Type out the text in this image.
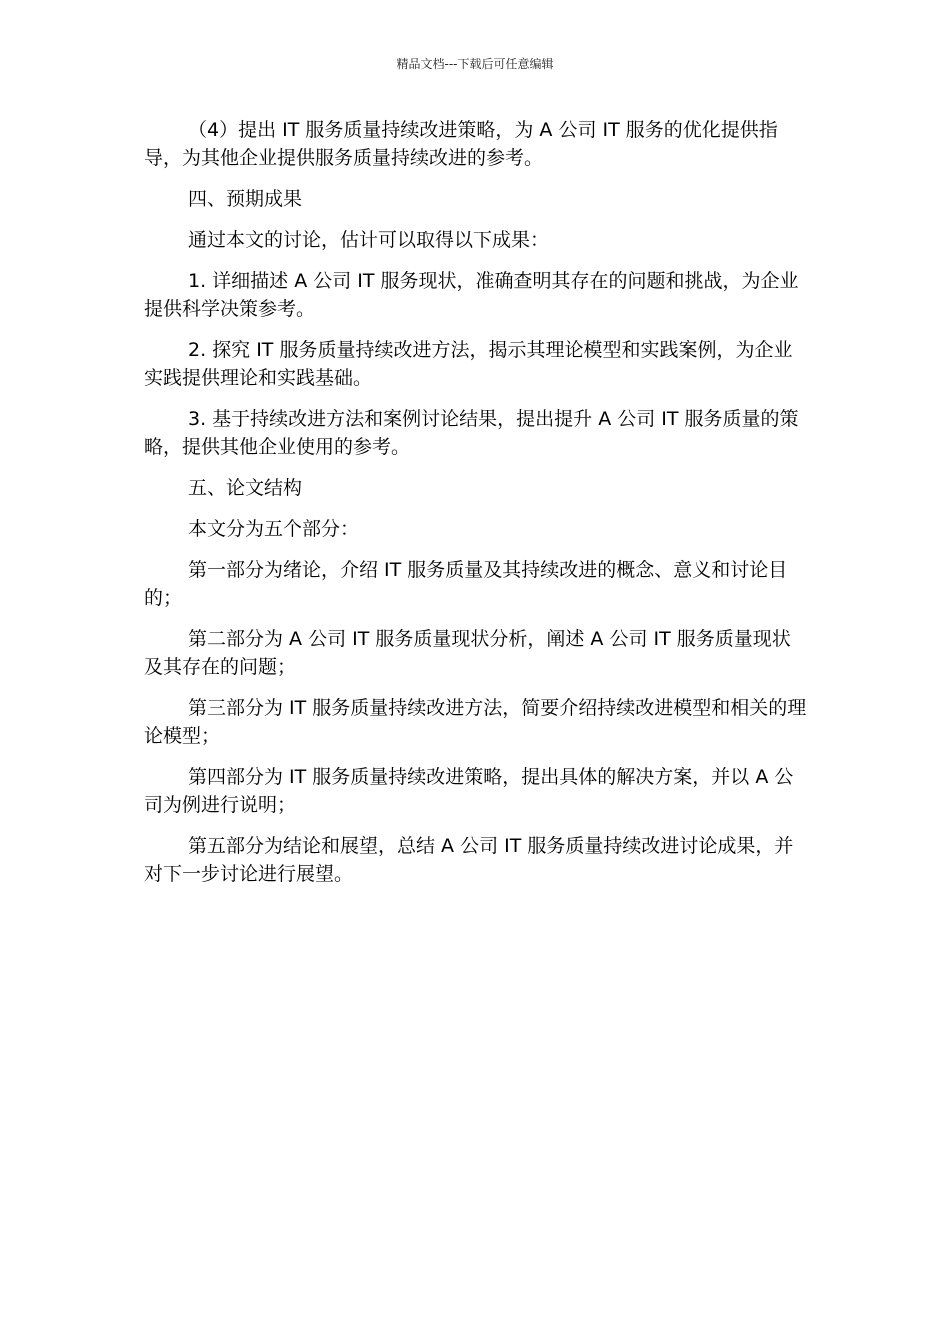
精品文档---下载后可任意编辑

（4）提出 IT 服务质量持续改进策略，为 A 公司 IT 服务的优化提供指导，为其他企业提供服务质量持续改进的参考。

四、预期成果

通过本文的讨论，估计可以取得以下成果：

1. 详细描述 A 公司 IT 服务现状，准确查明其存在的问题和挑战，为企业提供科学决策参考。

2. 探究 IT 服务质量持续改进方法，揭示其理论模型和实践案例，为企业实践提供理论和实践基础。

3. 基于持续改进方法和案例讨论结果，提出提升 A 公司 IT 服务质量的策略，提供其他企业使用的参考。

五、论文结构

本文分为五个部分：

第一部分为绪论，介绍 IT 服务质量及其持续改进的概念、意义和讨论目的；

第二部分为 A 公司 IT 服务质量现状分析，阐述 A 公司 IT 服务质量现状及其存在的问题；

第三部分为 IT 服务质量持续改进方法，简要介绍持续改进模型和相关的理论模型；

第四部分为 IT 服务质量持续改进策略，提出具体的解决方案，并以 A 公司为例进行说明；

第五部分为结论和展望，总结 A 公司 IT 服务质量持续改进讨论成果，并对下一步讨论进行展望。
